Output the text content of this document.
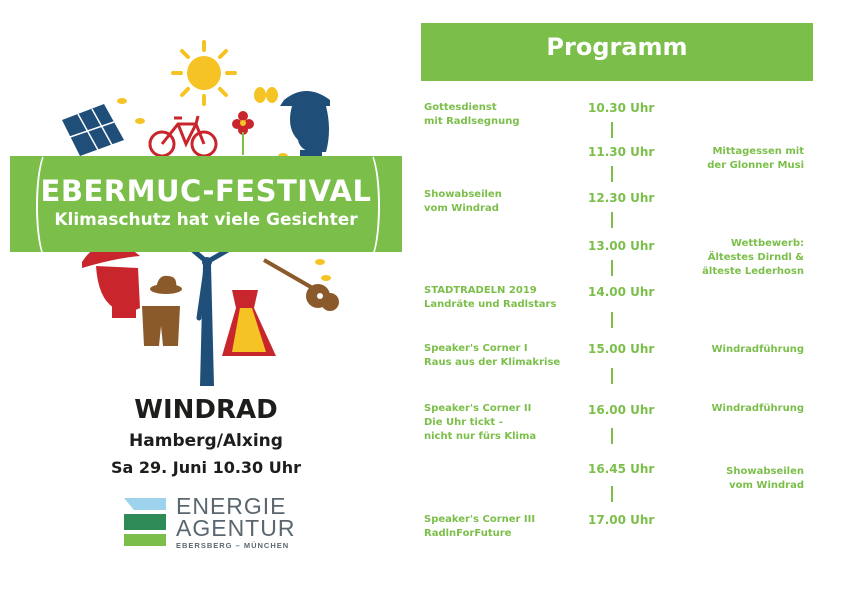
EBERMUC-FESTIVAL
Klimaschutz hat viele Gesichter
WINDRAD
Hamberg/Alxing
Sa 29. Juni 10.30 Uhr
ENERGIE
AGENTUR
EBERSBERG – MÜNCHEN
Programm
10.30 Uhr
11.30 Uhr
12.30 Uhr
13.00 Uhr
14.00 Uhr
15.00 Uhr
16.00 Uhr
16.45 Uhr
17.00 Uhr
Gottesdienst
mit Radlsegnung
Showabseilen
vom Windrad
STADTRADELN 2019
Landräte und Radlstars
Speaker's Corner I
Raus aus der Klimakrise
Speaker's Corner II
Die Uhr tickt -
nicht nur fürs Klima
Speaker's Corner III
RadlnForFuture
Mittagessen mit
der Glonner Musi
Wettbewerb:
Ältestes Dirndl &
älteste Lederhosn
Windradführung
Windradführung
Showabseilen
vom Windrad
